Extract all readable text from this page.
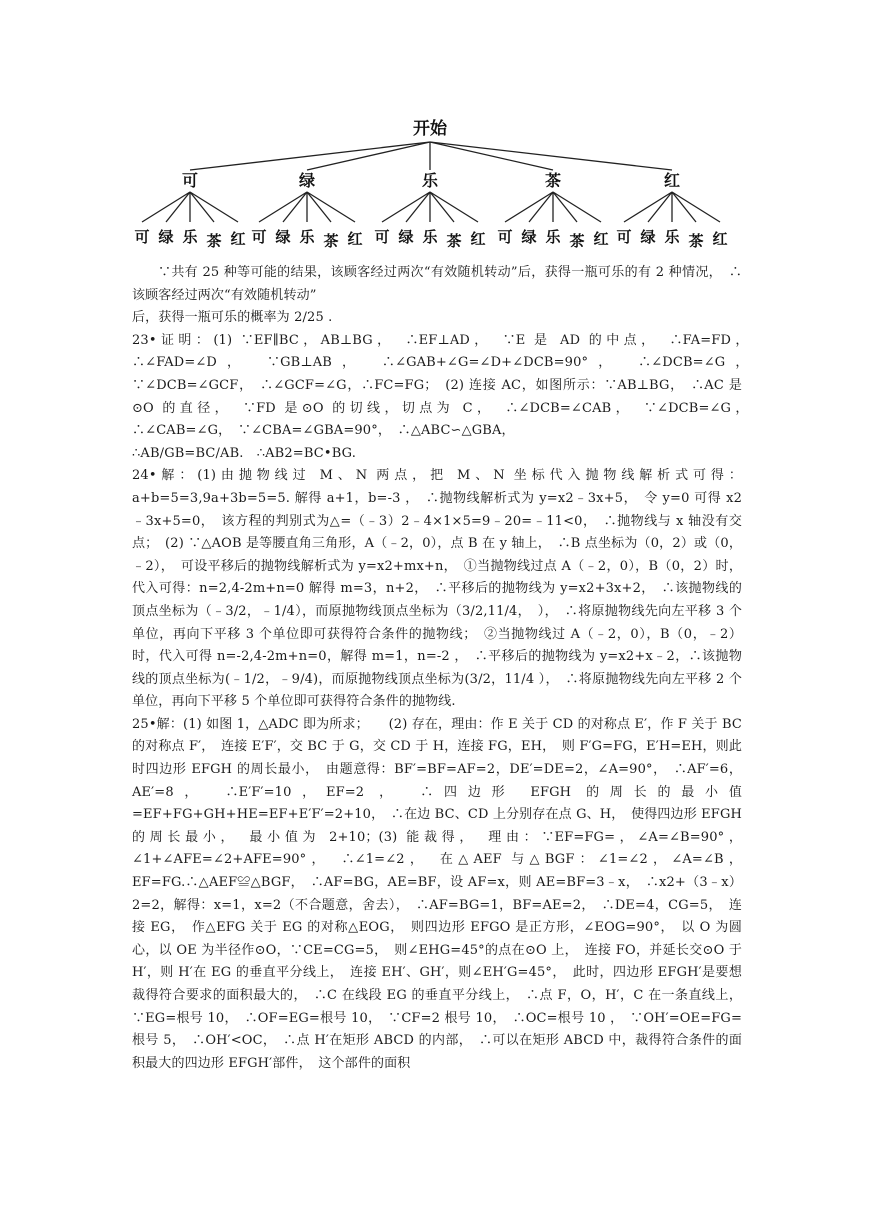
开始
可
可 绿 乐 茶 红
绿
可 绿 乐 茶 红
乐
可 绿 乐 茶 红
茶
可 绿 乐 茶 红
红
可 绿 乐 茶 红

∵共有 25 种等可能的结果，该顾客经过两次“有效随机转动”后，获得一瓶可乐的有 2 种情况，　∴该顾客经过两次“有效随机转动”

后，获得一瓶可乐的概率为 2/25 .

23•证明：(1) ∵EF∥BC，AB⊥BG，　∴EF⊥AD，　∵E 是 AD 的中点，　∴FA=FD，　∴∠FAD=∠D，　∵GB⊥AB，　∴∠GAB+∠G=∠D+∠DCB=90°，　∴∠DCB=∠G，　∵∠DCB=∠GCF，　∴∠GCF=∠G，∴FC=FG；　(2) 连接 AC，如图所示：∵AB⊥BG，　∴AC 是⊙O 的直径，　∵FD 是⊙O 的切线，切点为 C，　∴∠DCB=∠CAB，　∵∠DCB=∠G，　∴∠CAB=∠G，　∵∠CBA=∠GBA=90°，　∴△ABC∽△GBA，

∴AB/GB=BC/AB.　∴AB2=BC•BG.

24•解：(1)由抛物线过 M、N 两点，把 M、N 坐标代入抛物线解析式可得：a+b=5=3,9a+3b=5=5. 解得 a+1，b=-3 ，　∴抛物线解析式为 y=x2﹣3x+5，　令 y=0 可得 x2﹣3x+5=0，　该方程的判别式为△=（﹣3）2﹣4×1×5=9﹣20=﹣11<0，　∴抛物线与 x 轴没有交点；　(2) ∵△AOB 是等腰直角三角形，A（﹣2，0），点 B 在 y 轴上，　∴B 点坐标为（0，2）或（0，﹣2），　可设平移后的抛物线解析式为 y=x2+mx+n，　①当抛物线过点 A（﹣2，0），B（0，2）时，代入可得：n=2,4-2m+n=0 解得 m=3，n+2，　∴平移后的抛物线为 y=x2+3x+2，　∴该抛物线的顶点坐标为（﹣3/2，﹣1/4），而原抛物线顶点坐标为（3/2,11/4，　），　∴将原抛物线先向左平移 3 个单位，再向下平移 3 个单位即可获得符合条件的抛物线；　②当抛物线过 A（﹣2，0），B（0，﹣2）时，代入可得 n=-2,4-2m+n=0，解得 m=1，n=-2 ，　∴平移后的抛物线为 y=x2+x﹣2，∴该抛物线的顶点坐标为(﹣1/2，﹣9/4)，而原抛物线顶点坐标为(3/2，11/4 ），　∴将原抛物线先向左平移 2 个单位，再向下平移 5 个单位即可获得符合条件的抛物线.

25•解：(1) 如图 1，△ADC 即为所求；　　(2) 存在，理由：作 E 关于 CD 的对称点 E′，作 F 关于 BC 的对称点 F′，　连接 E′F′，交 BC 于 G，交 CD 于 H，连接 FG，EH，　则 F′G=FG，E′H=EH，则此时四边形 EFGH 的周长最小，　由题意得：BF′=BF=AF=2，DE′=DE=2，∠A=90°，　∴AF′=6，AE′=8，　∴E′F′=10，EF=2 ，　∴四边形 EFGH 的周长的最小值=EF+FG+GH+HE=EF+E′F′=2+10，　∴在边 BC、CD 上分别存在点 G、H，　使得四边形 EFGH 的周长最小，　最小值为 2+10；(3) 能裁得，　理由：∵EF=FG=，∠A=∠B=90°，∠1+∠AFE=∠2+AFE=90°，　∴∠1=∠2，　在△AEF 与△BGF：∠1=∠2，∠A=∠B，EF=FG.∴△AEF≌△BGF，　∴AF=BG，AE=BF，设 AF=x，则 AE=BF=3﹣x，　∴x2+（3﹣x）2=2，解得：x=1，x=2（不合题意，舍去），　∴AF=BG=1，BF=AE=2，　∴DE=4，CG=5，　连接 EG，　作△EFG 关于 EG 的对称△EOG，　则四边形 EFGO 是正方形，∠EOG=90°，　以 O 为圆心，以 OE 为半径作⊙O，∵CE=CG=5，　则∠EHG=45°的点在⊙O 上，　连接 FO，并延长交⊙O 于 H′，则 H′在 EG 的垂直平分线上，　连接 EH′、GH′，则∠EH′G=45°，　此时，四边形 EFGH′是要想裁得符合要求的面积最大的，　∴C 在线段 EG 的垂直平分线上，　∴点 F，O，H′，C 在一条直线上，∵EG=根号 10，　∴OF=EG=根号 10，　∵CF=2 根号 10，　∴OC=根号 10 ，　∵OH′=OE=FG=根号 5，　∴OH′<OC，　∴点 H′在矩形 ABCD 的内部，　∴可以在矩形 ABCD 中，裁得符合条件的面积最大的四边形 EFGH′部件，　这个部件的面积
